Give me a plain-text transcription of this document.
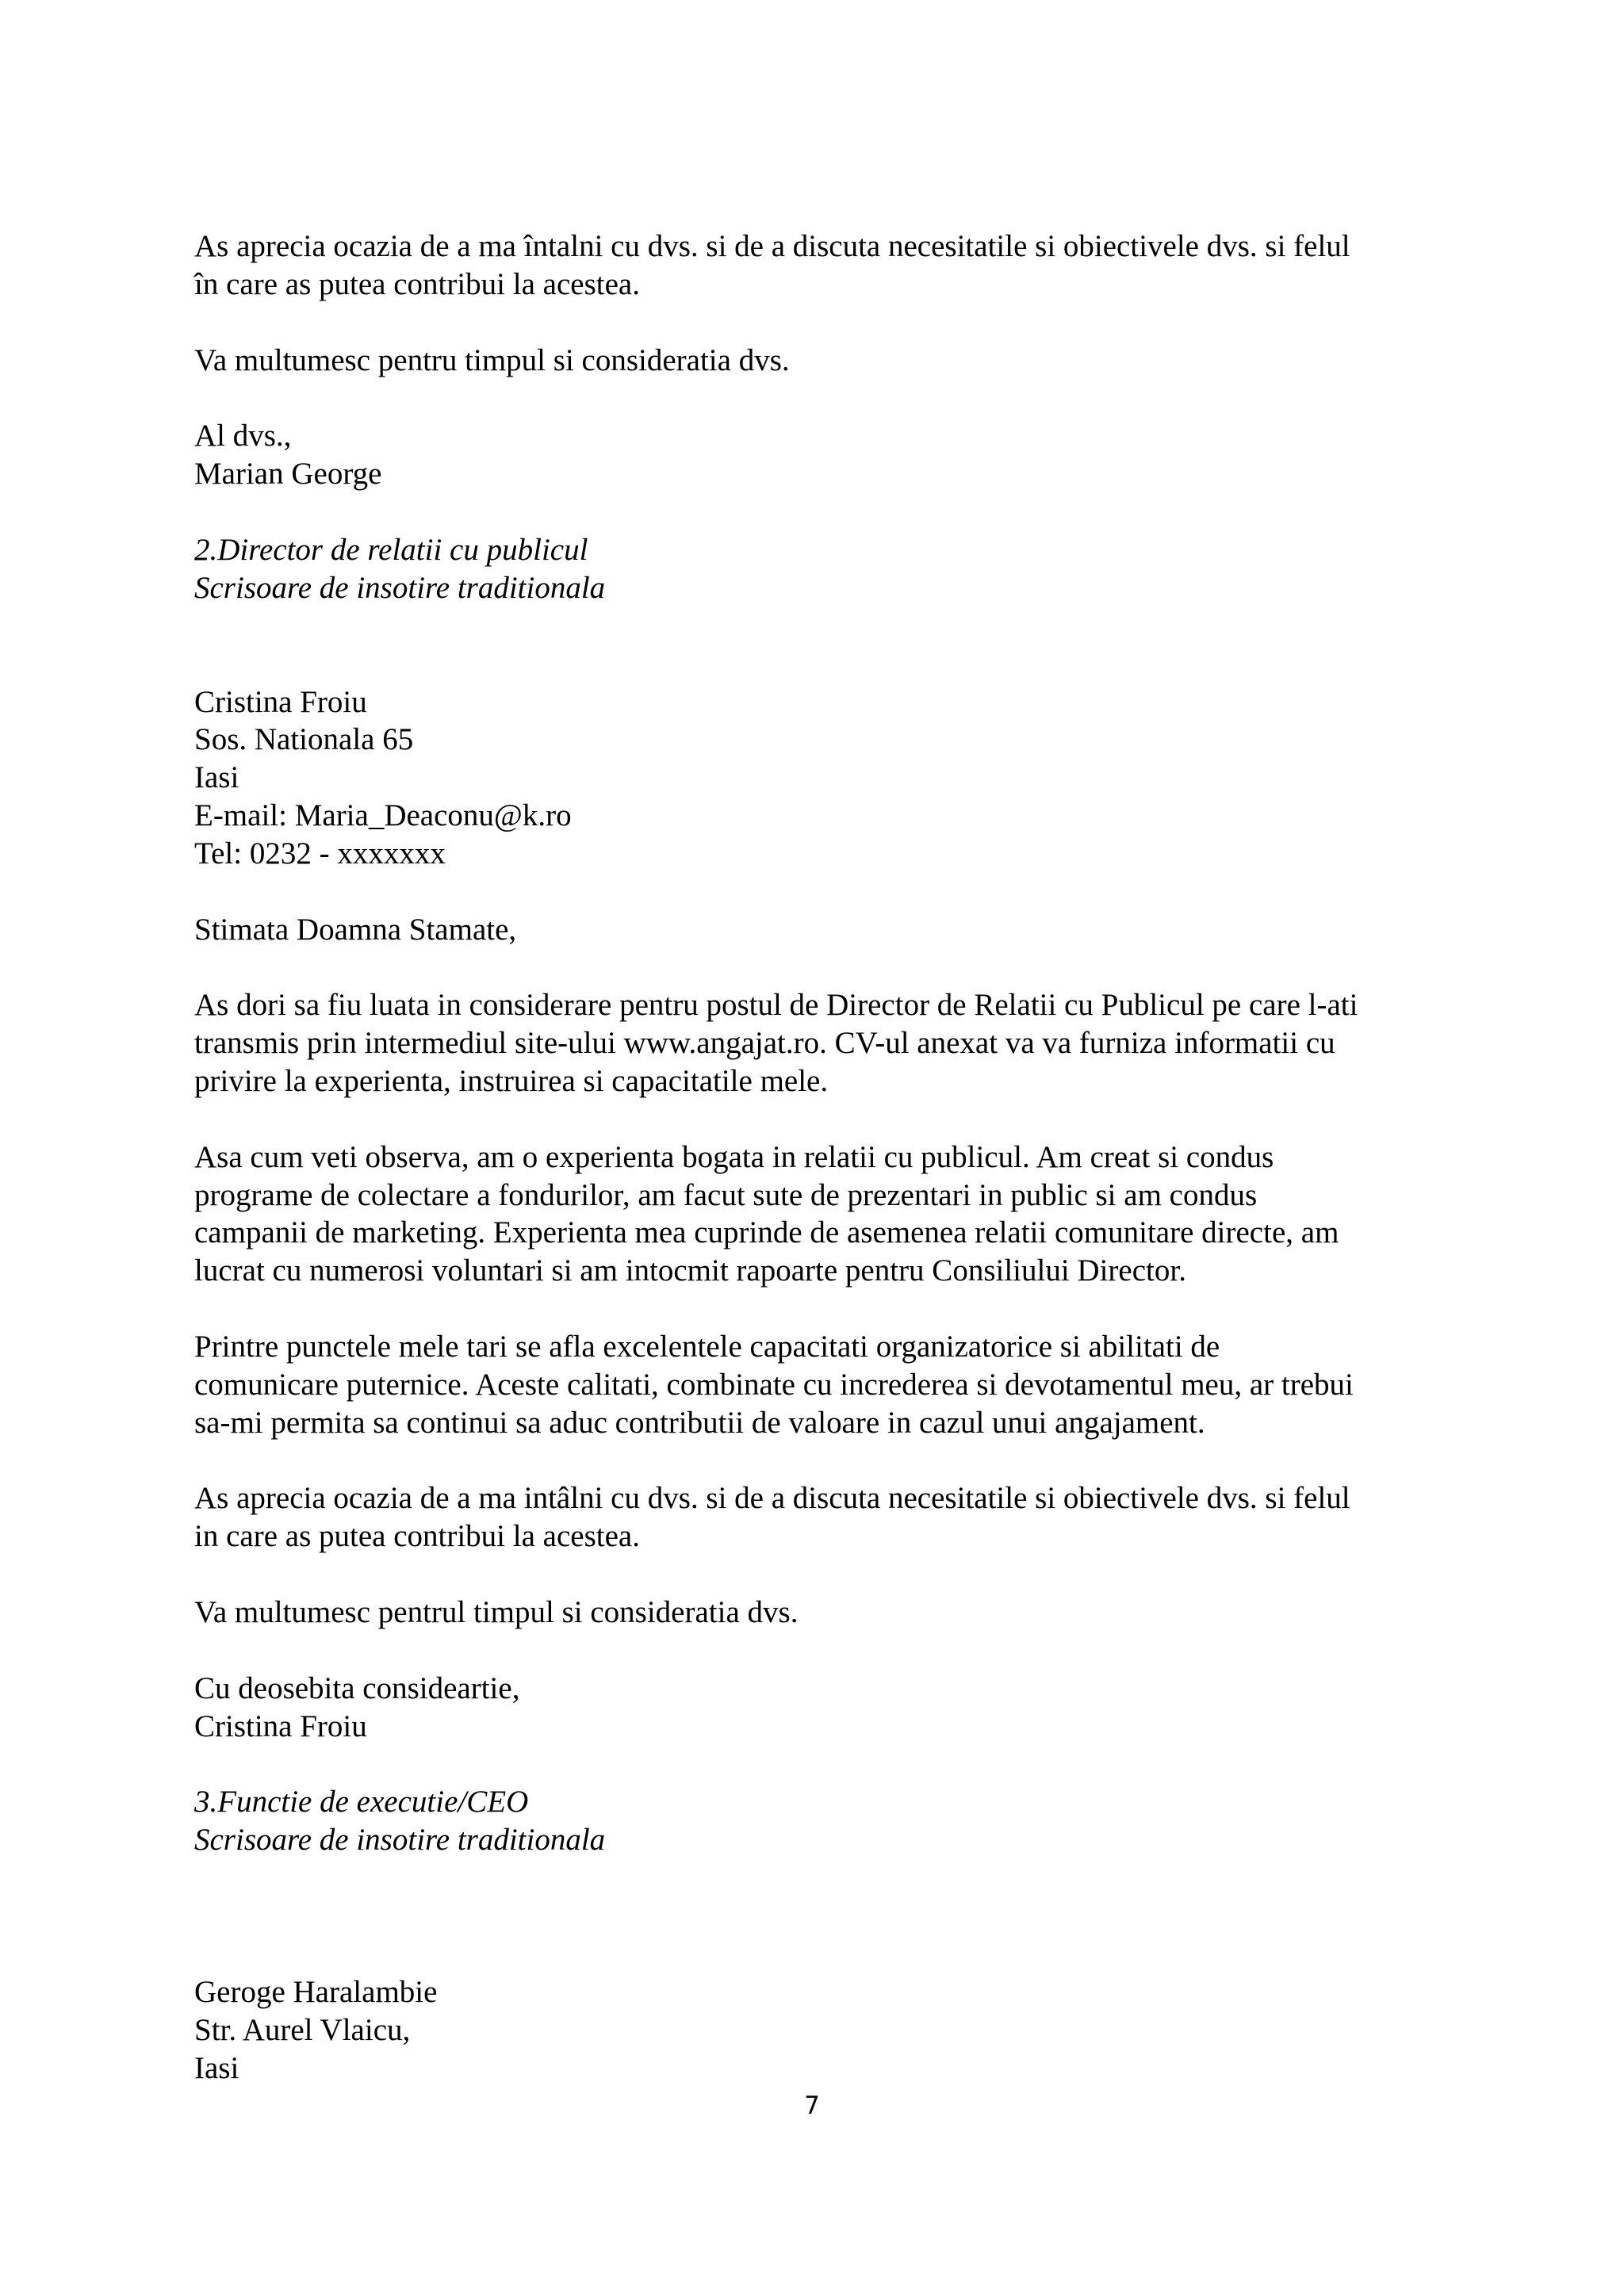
As aprecia ocazia de a ma întalni cu dvs. si de a discuta necesitatile si obiectivele dvs. si felul
în care as putea contribui la acestea.

Va multumesc pentru timpul si consideratia dvs.

Al dvs.,
Marian George

2.Director de relatii cu publicul
Scrisoare de insotire traditionala

Cristina Froiu
Sos. Nationala 65
Iasi
E-mail: Maria_Deaconu@k.ro
Tel: 0232 - xxxxxxx

Stimata Doamna Stamate,

As dori sa fiu luata in considerare pentru postul de Director de Relatii cu Publicul pe care l-ati
transmis prin intermediul site-ului www.angajat.ro. CV-ul anexat va va furniza informatii cu
privire la experienta, instruirea si capacitatile mele.

Asa cum veti observa, am o experienta bogata in relatii cu publicul. Am creat si condus
programe de colectare a fondurilor, am facut sute de prezentari in public si am condus
campanii de marketing. Experienta mea cuprinde de asemenea relatii comunitare directe, am
lucrat cu numerosi voluntari si am intocmit rapoarte pentru Consiliului Director.

Printre punctele mele tari se afla excelentele capacitati organizatorice si abilitati de
comunicare puternice. Aceste calitati, combinate cu increderea si devotamentul meu, ar trebui
sa-mi permita sa continui sa aduc contributii de valoare in cazul unui angajament.

As aprecia ocazia de a ma intâlni cu dvs. si de a discuta necesitatile si obiectivele dvs. si felul
in care as putea contribui la acestea.

Va multumesc pentrul timpul si consideratia dvs.

Cu deosebita consideartie,
Cristina Froiu

3.Functie de executie/CEO
Scrisoare de insotire traditionala

Geroge Haralambie
Str. Aurel Vlaicu,
Iasi

7
